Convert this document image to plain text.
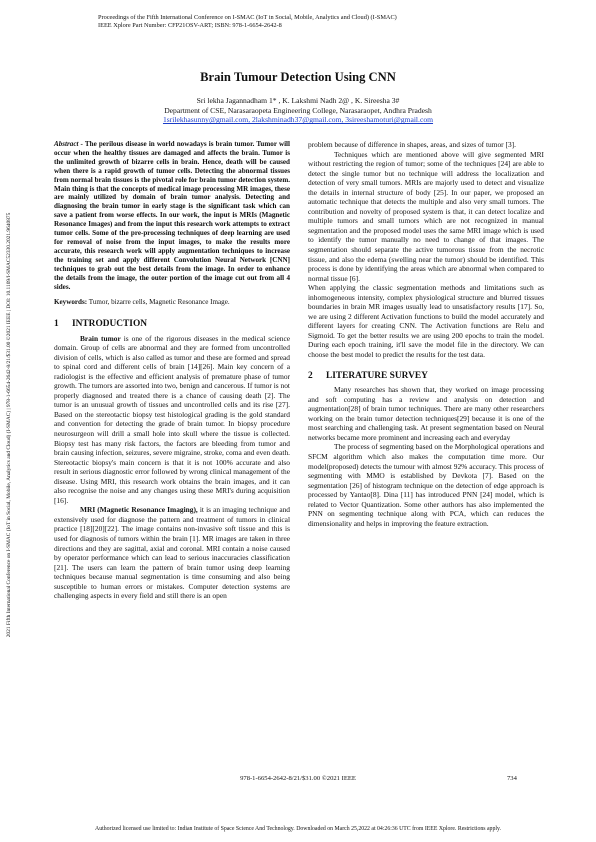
Proceedings of the Fifth International Conference on I-SMAC (IoT in Social, Mobile, Analytics and Cloud) (I-SMAC)
IEEE Xplore Part Number: CFP21OSV-ART; ISBN: 978-1-6654-2642-8
2021 Fifth International Conference on I-SMAC (IoT in Social, Mobile, Analytics and Cloud) (I-SMAC) | 978-1-6654-2642-8/21/$31.00 ©2021 IEEE | DOI: 10.1109/I-SMAC52330.2021.9640875
Brain Tumour Detection Using CNN
Sri lekha Jagannadham 1* , K. Lakshmi Nadh 2@ , K. Sireesha 3#
Department of CSE, Narasaraopeta Engineering College, Narasaraopet, Andhra Pradesh
1srilekhasunny@gmail.com, 2lakshminadh37@gmail.com, 3sireeshamoturi@gmail.com

Abstract - The perilous disease in world nowadays is brain tumor. Tumor will occur when the healthy tissues are damaged and affects the brain. Tumor is the unlimited growth of bizarre cells in brain. Hence, death will be caused when there is a rapid growth of tumor cells. Detecting the abnormal tissues from normal brain tissues is the pivotal role for brain tumor detection system. Main thing is that the concepts of medical image processing MR images, these are mainly utilized by domain of brain tumor analysis. Detecting and diagnosing the brain tumor in early stage is the significant task which can save a patient from worse effects. In our work, the input is MRIs (Magnetic Resonance Images) and from the input this research work attempts to extract tumor cells. Some of the pre-processing techniques of deep learning are used for removal of noise from the input images, to make the results more accurate, this research work will apply augmentation techniques to increase the training set and apply different Convolution Neural Network [CNN] techniques to grab out the best details from the image. In order to enhance the details from the image, the outer portion of the image cut out from all 4 sides.

Keywords: Tumor, bizarre cells, Magnetic Resonance Image.

1 INTRODUCTION

Brain tumor is one of the rigorous diseases in the medical science domain. Group of cells are abnormal and they are formed from uncontrolled division of cells, which is also called as tumor and these are formed and spread to spinal cord and different cells of brain [14][26]. Main key concern of a radiologist is the effective and efficient analysis of premature phase of tumor growth. The tumors are assorted into two, benign and cancerous. If tumor is not properly diagnosed and treated there is a chance of causing death [2]. The tumor is an unusual growth of tissues and uncontrolled cells and its rise [27]. Based on the stereotactic biopsy test histological grading is the gold standard and convention for detecting the grade of brain tumor. In biopsy procedure neurosurgeon will drill a small hole into skull where the tissue is collected. Biopsy test has many risk factors, the factors are bleeding from tumor and brain causing infection, seizures, severe migraine, stroke, coma and even death. Stereotactic biopsy's main concern is that it is not 100% accurate and also result in serious diagnostic error followed by wrong clinical management of the disease. Using MRI, this research work obtains the brain images, and it can also recognise the noise and any changes using these MRI's during acquisition [16].

MRI (Magnetic Resonance Imaging), it is an imaging technique and extensively used for diagnose the pattern and treatment of tumors in clinical practice [18][20][22]. The image contains non-invasive soft tissue and this is used for diagnosis of tumors within the brain [1]. MR images are taken in three directions and they are sagittal, axial and coronal. MRI contain a noise caused by operator performance which can lead to serious inaccuracies classification [21]. The users can learn the pattern of brain tumor using deep learning techniques because manual segmentation is time consuming and also being susceptible to human errors or mistakes. Computer detection systems are challenging aspects in every field and still there is an open

problem because of difference in shapes, areas, and sizes of tumor [3].

Techniques which are mentioned above will give segmented MRI without restricting the region of tumor; some of the techniques [24] are able to detect the single tumor but no technique will address the localization and detection of very small tumors. MRIs are majorly used to detect and visualize the details in internal structure of body [25]. In our paper, we proposed an automatic technique that detects the multiple and also very small tumors. The contribution and novelty of proposed system is that, it can detect localize and multiple tumors and small tumors which are not recognized in manual segmentation and the proposed model uses the same MRI image which is used to identify the tumor manually no need to change of that images. The segmentation should separate the active tumorous tissue from the necrotic tissue, and also the edema (swelling near the tumor) should be identified. This process is done by identifying the areas which are abnormal when compared to normal tissue [6].

When applying the classic segmentation methods and limitations such as inhomogeneous intensity, complex physiological structure and blurred tissues boundaries in brain MR images usually lead to unsatisfactory results [17]. So, we are using 2 different Activation functions to build the model accurately and different layers for creating CNN. The Activation functions are Relu and Sigmoid. To get the better results we are using 200 epochs to train the model. During each epoch training, it'll save the model file in the directory. We can choose the best model to predict the results for the test data.

2 LITERATURE SURVEY

Many researches has shown that, they worked on image processing and soft computing has a review and analysis on detection and augmentation[28] of brain tumor techniques. There are many other researchers working on the brain tumor detection techniques[29] because it is one of the most searching and challenging task. At present segmentation based on Neural networks became more prominent and increasing each and everyday

The process of segmenting based on the Morphological operations and SFCM algorithm which also makes the computation time more. Our model(proposed) detects the tumour with almost 92% accuracy. This process of segmenting with MMO is established by Devkota [7]. Based on the segmentation [26] of histogram technique on the detection of edge approach is processed by Yantao[8]. Dina [11] has introduced PNN [24] model, which is related to Vector Quantization. Some other authors has also implemented the PNN on segmenting technique along with PCA, which can reduces the dimensionality and helps in improving the feature extraction.

978-1-6654-2642-8/21/$31.00 ©2021 IEEE	734
Authorized licensed use limited to: Indian Institute of Space Science And Technology. Downloaded on March 25,2022 at 04:26:36 UTC from IEEE Xplore. Restrictions apply.
